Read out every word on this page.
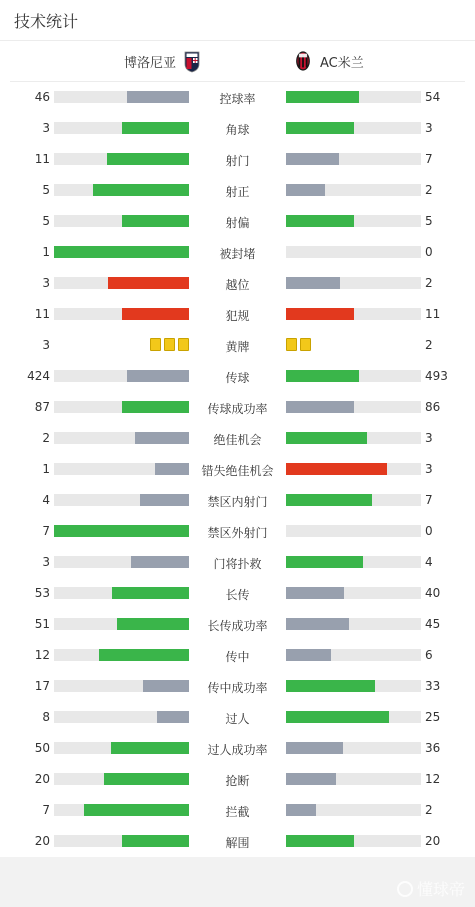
技术统计
博洛尼亚	AC米兰
46	控球率	54
3	角球	3
11	射门	7
5	射正	2
5	射偏	5
1	被封堵	0
3	越位	2
11	犯规	11
3	黄牌	2
424	传球	493
87	传球成功率	86
2	绝佳机会	3
1	错失绝佳机会	3
4	禁区内射门	7
7	禁区外射门	0
3	门将扑救	4
53	长传	40
51	长传成功率	45
12	传中	6
17	传中成功率	33
8	过人	25
50	过人成功率	36
20	抢断	12
7	拦截	2
20	解围	20
懂球帝
